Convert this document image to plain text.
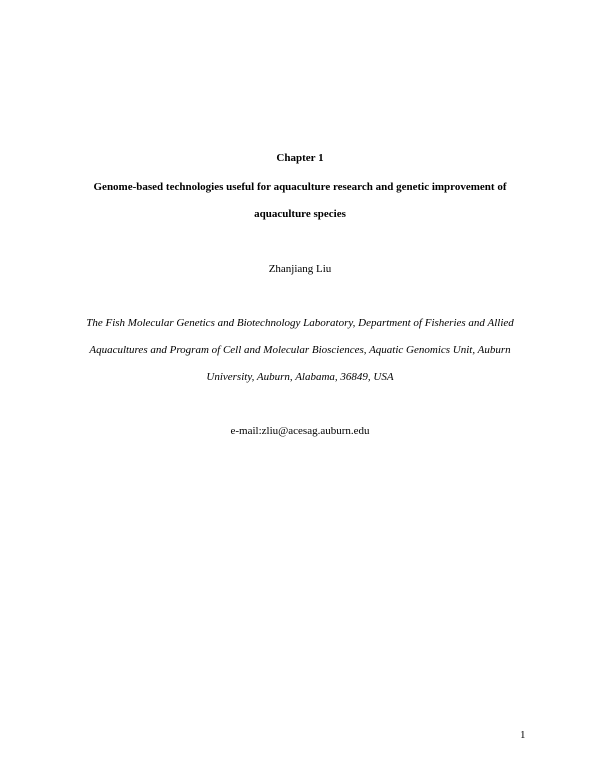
Chapter 1
Genome-based technologies useful for aquaculture research and genetic improvement of
aquaculture species
Zhanjiang Liu
The Fish Molecular Genetics and Biotechnology Laboratory, Department of Fisheries and Allied
Aquacultures and Program of Cell and Molecular Biosciences, Aquatic Genomics Unit, Auburn
University, Auburn, Alabama, 36849, USA
e-mail:zliu@acesag.auburn.edu
1
